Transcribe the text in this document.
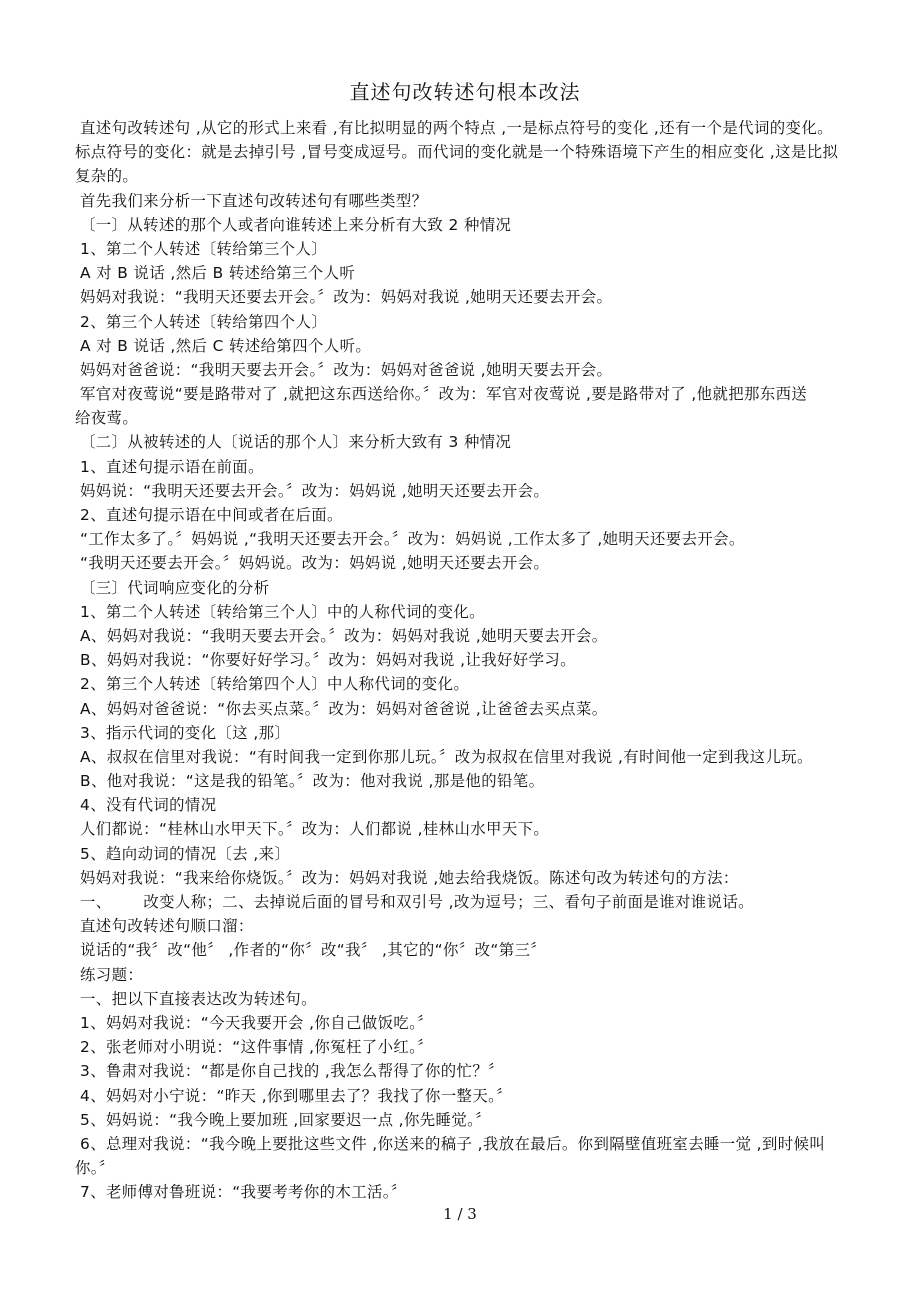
直述句改转述句根本改法
直述句改转述句 ,从它的形式上来看 ,有比拟明显的两个特点 ,一是标点符号的变化 ,还有一个是代词的变化。
标点符号的变化：就是去掉引号 ,冒号变成逗号。而代词的变化就是一个特殊语境下产生的相应变化 ,这是比拟
复杂的。
首先我们来分析一下直述句改转述句有哪些类型？
〔一〕从转述的那个人或者向谁转述上来分析有大致 2 种情况
1、第二个人转述〔转给第三个人〕
A 对 B 说话 ,然后 B 转述给第三个人听
妈妈对我说：“我明天还要去开会。〞改为：妈妈对我说 ,她明天还要去开会。
2、第三个人转述〔转给第四个人〕
A 对 B 说话 ,然后 C 转述给第四个人听。
妈妈对爸爸说：“我明天要去开会。〞改为：妈妈对爸爸说 ,她明天要去开会。
军官对夜莺说“要是路带对了 ,就把这东西送给你。〞改为：军官对夜莺说 ,要是路带对了 ,他就把那东西送
给夜莺。
〔二〕从被转述的人〔说话的那个人〕来分析大致有 3 种情况
1、直述句提示语在前面。
妈妈说：“我明天还要去开会。〞改为：妈妈说 ,她明天还要去开会。
2、直述句提示语在中间或者在后面。
“工作太多了。〞妈妈说 ,“我明天还要去开会。〞改为：妈妈说 ,工作太多了 ,她明天还要去开会。
“我明天还要去开会。〞妈妈说。改为：妈妈说 ,她明天还要去开会。
〔三〕代词响应变化的分析
1、第二个人转述〔转给第三个人〕中的人称代词的变化。
A、妈妈对我说：“我明天要去开会。〞改为：妈妈对我说 ,她明天要去开会。
B、妈妈对我说：“你要好好学习。〞改为：妈妈对我说 ,让我好好学习。
2、第三个人转述〔转给第四个人〕中人称代词的变化。
A、妈妈对爸爸说：“你去买点菜。〞改为：妈妈对爸爸说 ,让爸爸去买点菜。
3、指示代词的变化〔这 ,那〕
A、叔叔在信里对我说：“有时间我一定到你那儿玩。〞改为叔叔在信里对我说 ,有时间他一定到我这儿玩。
B、他对我说：“这是我的铅笔。〞改为：他对我说 ,那是他的铅笔。
4、没有代词的情况
人们都说：“桂林山水甲天下。〞改为：人们都说 ,桂林山水甲天下。
5、趋向动词的情况〔去 ,来〕
妈妈对我说：“我来给你烧饭。〞改为：妈妈对我说 ,她去给我烧饭。陈述句改为转述句的方法：
一、      改变人称；二、去掉说后面的冒号和双引号 ,改为逗号；三、看句子前面是谁对谁说话。
直述句改转述句顺口溜：
说话的“我〞改“他〞 ,作者的“你〞改“我〞 ,其它的“你〞改“第三〞
练习题：
一、把以下直接表达改为转述句。
1、妈妈对我说：“今天我要开会 ,你自己做饭吃。〞
2、张老师对小明说：“这件事情 ,你冤枉了小红。〞
3、鲁肃对我说：“都是你自己找的 ,我怎么帮得了你的忙？〞
4、妈妈对小宁说：“昨天 ,你到哪里去了？我找了你一整天。〞
5、妈妈说：“我今晚上要加班 ,回家要迟一点 ,你先睡觉。〞
6、总理对我说：“我今晚上要批这些文件 ,你送来的稿子 ,我放在最后。你到隔壁值班室去睡一觉 ,到时候叫
你。〞
7、老师傅对鲁班说：“我要考考你的木工活。〞
1 / 3
